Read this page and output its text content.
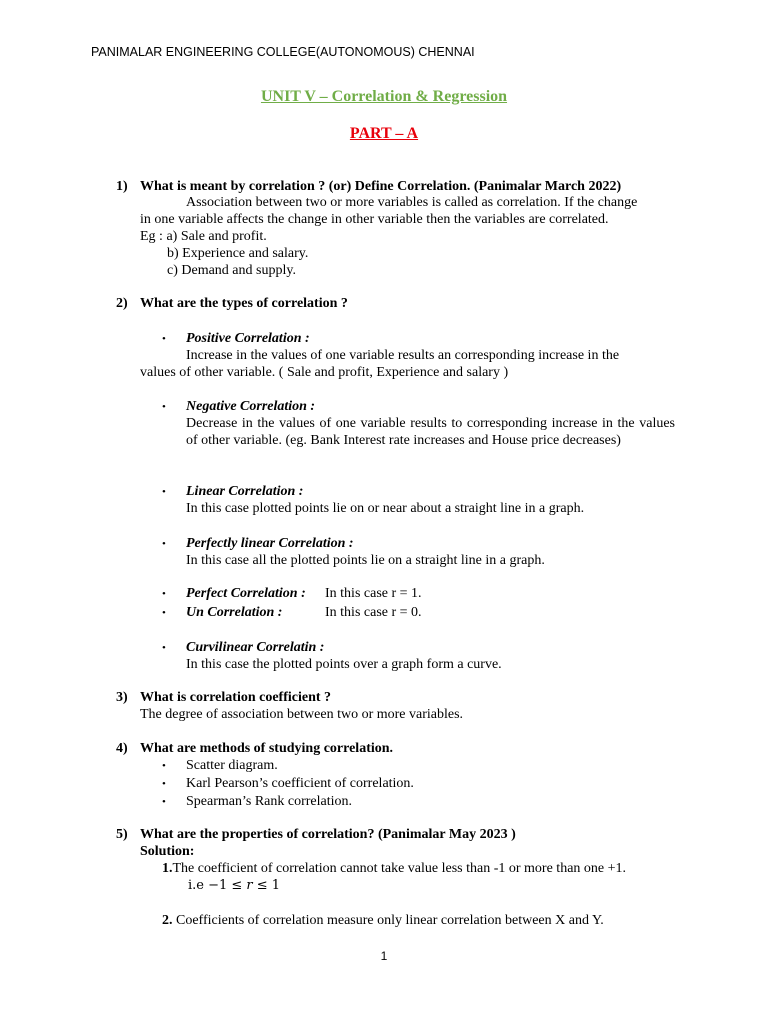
PANIMALAR ENGINEERING COLLEGE(AUTONOMOUS) CHENNAI
UNIT V – Correlation & Regression
PART – A
1) What is meant by correlation ? (or) Define Correlation. (Panimalar March 2022)
Association between two or more variables is called as correlation. If the change
in one variable affects the change in other variable then the variables are correlated.
Eg : a) Sale and profit.
b) Experience and salary.
c) Demand and supply.
2) What are the types of correlation ?
• Positive Correlation :
Increase in the values of one variable results an corresponding increase in the
values of other variable. ( Sale and profit, Experience and salary )
• Negative Correlation :
Decrease in the values of one variable results to corresponding increase in the values of other variable. (eg. Bank Interest rate increases and House price decreases)
• Linear Correlation :
In this case plotted points lie on or near about a straight line in a graph.
• Perfectly linear Correlation :
In this case all the plotted points lie on a straight line in a graph.
• Perfect Correlation : In this case r = 1.
• Un Correlation :	In this case r = 0.
• Curvilinear Correlatin :
In this case the plotted points over a graph form a curve.
3) What is correlation coefficient ?
The degree of association between two or more variables.
4) What are methods of studying correlation.
• Scatter diagram.
• Karl Pearson’s coefficient of correlation.
• Spearman’s Rank correlation.
5) What are the properties of correlation? (Panimalar May 2023 )
Solution:
1.The coefficient of correlation cannot take value less than -1 or more than one +1.
i.e −1 ≤ 𝑟 ≤ 1
2. Coefficients of correlation measure only linear correlation between X and Y.
1
